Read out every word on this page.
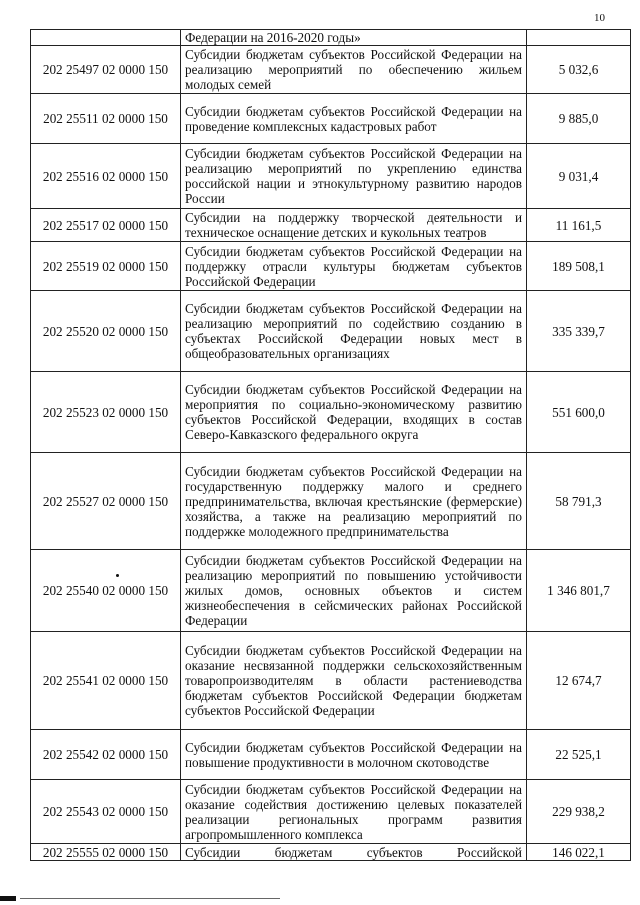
10
	Федерации на 2016-2020 годы»	
202 25497 02 0000 150	Субсидии бюджетам субъектов Российской Федерации на реализацию мероприятий по обеспечению жильем молодых семей	5 032,6
202 25511 02 0000 150	Субсидии бюджетам субъектов Российской Федерации на проведение комплексных кадастровых работ	9 885,0
202 25516 02 0000 150	Субсидии бюджетам субъектов Российской Федерации на реализацию мероприятий по укреплению единства российской нации и этнокультурному развитию народов России	9 031,4
202 25517 02 0000 150	Субсидии на поддержку творческой деятельности и техническое оснащение детских и кукольных театров	11 161,5
202 25519 02 0000 150	Субсидии бюджетам субъектов Российской Федерации на поддержку отрасли культуры бюджетам субъектов Российской Федерации	189 508,1
202 25520 02 0000 150	Субсидии бюджетам субъектов Российской Федерации на реализацию мероприятий по содействию созданию в субъектах Российской Федерации новых мест в общеобразовательных организациях	335 339,7
202 25523 02 0000 150	Субсидии бюджетам субъектов Российской Федерации на мероприятия по социально-экономическому развитию субъектов Российской Федерации, входящих в состав Северо-Кавказского федерального округа	551 600,0
202 25527 02 0000 150	Субсидии бюджетам субъектов Российской Федерации на государственную поддержку малого и среднего предпринимательства, включая крестьянские (фермерские) хозяйства, а также на реализацию мероприятий по поддержке молодежного предпринимательства	58 791,3
202 25540 02 0000 150	Субсидии бюджетам субъектов Российской Федерации на реализацию мероприятий по повышению устойчивости жилых домов, основных объектов и систем жизнеобеспечения в сейсмических районах Российской Федерации	1 346 801,7
202 25541 02 0000 150	Субсидии бюджетам субъектов Российской Федерации на оказание несвязанной поддержки сельскохозяйственным товаропроизводителям в области растениеводства бюджетам субъектов Российской Федерации бюджетам субъектов Российской Федерации	12 674,7
202 25542 02 0000 150	Субсидии бюджетам субъектов Российской Федерации на повышение продуктивности в молочном скотоводстве	22 525,1
202 25543 02 0000 150	Субсидии бюджетам субъектов Российской Федерации на оказание содействия достижению целевых показателей реализации региональных программ развития агропромышленного комплекса	229 938,2
202 25555 02 0000 150	Субсидии бюджетам субъектов Российской	146 022,1
